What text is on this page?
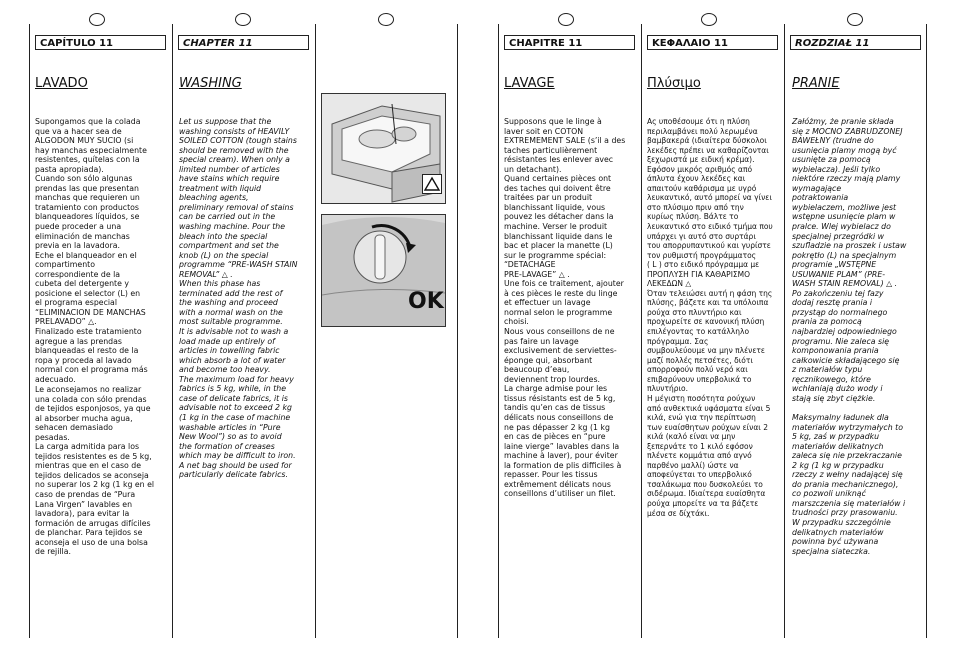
CAPÍTULO 11
LAVADO

Supongamos que la colada
que va a hacer sea de
ALGODON MUY SUCIO (si
hay manchas especialmente
resistentes, quítelas con la
pasta apropiada).
Cuando son sólo algunas
prendas las que presentan
manchas que requieren un
tratamiento con productos
blanqueadores líquidos, se
puede proceder a una
eliminación de manchas
previa en la lavadora.
Eche el blanqueador en el
compartimento
correspondiente de la
cubeta del detergente y
posicione el selector (L) en
el programa especial
“ELIMINACION DE MANCHAS
PRELAVADO” △.
Finalizado este tratamiento
agregue a las prendas
blanqueadas el resto de la
ropa y proceda al lavado
normal con el programa más
adecuado.

Le aconsejamos no realizar
una colada con sólo prendas
de tejidos esponjosos, ya que
al absorber mucha agua,
sehacen demasiado
pesadas.
La carga admitida para los
tejidos resistentes es de 5 kg,
mientras que en el caso de
tejidos delicados se aconseja
no superar los 2 kg (1 kg en el
caso de prendas de “Pura
Lana Virgen” lavables en
lavadora), para evitar la
formación de arrugas difíciles
de planchar. Para tejidos se
aconseja el uso de una bolsa
de rejilla.

CHAPTER 11
WASHING

Let us suppose that the
washing consists of HEAVILY
SOILED COTTON (tough stains
should be removed with the
special cream). When only a
limited number of articles
have stains which require
treatment with liquid
bleaching agents,
preliminary removal of stains
can be carried out in the
washing machine. Pour the
bleach into the special
compartment and set the
knob (L) on the special
programme “PRE-WASH STAIN
REMOVAL” △ .
When this phase has
terminated add the rest of
the washing and proceed
with a normal wash on the
most suitable programme.
It is advisable not to wash a
load made up entirely of
articles in towelling fabric
which absorb a lot of water
and become too heavy.
The maximum load for heavy
fabrics is 5 kg, while, in the
case of delicate fabrics, it is
advisable not to exceed 2 kg
(1 kg in the case of machine
washable articles in “Pure
New Wool”) so as to avoid
the formation of creases
which may be difficult to iron.
A net bag should be used for
particularly delicate fabrics.

OK
CHAPITRE 11
LAVAGE

Supposons que le linge à
laver soit en COTON
EXTREMEMENT SALE (s’il a des
taches particulièrement
résistantes les enlever avec
un detachant).
Quand certaines pièces ont
des taches qui doivent être
traitées par un produit
blanchissant liquide, vous
pouvez les détacher dans la
machine. Verser le produit
blanchissant liquide dans le
bac et placer la manette (L)
sur le programme spécial:
“DETACHAGE
PRE-LAVAGE” △ .
Une fois ce traitement, ajouter
à ces pièces le reste du linge
et effectuer un lavage
normal selon le programme
choisi.
Nous vous conseillons de ne
pas faire un lavage
exclusivement de serviettes-
éponge qui, absorbant
beaucoup d’eau,
deviennent trop lourdes.
La charge admise pour les
tissus résistants est de 5 kg,
tandis qu’en cas de tissus
délicats nous conseillons de
ne pas dépasser 2 kg (1 kg
en cas de pièces en “pure
laine vierge” lavables dans la
machine à laver), pour éviter
la formation de plis difficiles à
repasser. Pour les tissus
extrêmement délicats nous
conseillons d’utiliser un filet.

ΚΕΦΑΛΑΙΟ 11
Πλύσιμο

Ας υποθέσουμε ότι η πλύση
περιλαμβάνει πολύ λερωμένα
βαμβακερά (ιδιαίτερα δύσκολοι
λεκέδες πρέπει να καθαρίζονται
ξεχωριστά με ειδική κρέμα).
Εφόσον μικρός αριθμός από
άπλυτα έχουν λεκέδες και
απαιτούν καθάρισμα με υγρό
λευκαντικό, αυτό μπορεί να γίνει
στο πλύσιμο πριν από την
κυρίως πλύση. Βάλτε το
λευκαντικό στο ειδικό τμήμα που
υπάρχει γι αυτό στο συρτάρι
του απορρυπαντικού και γυρίστε
τον ρυθμιστή προγράμματος
( L ) στο ειδικό πρόγραμμα με
ΠΡΟΠΛΥΣΗ ΓΙΑ ΚΑΘΑΡΙΣΜΟ
ΛΕΚΕΔΩΝ △
Όταν τελειώσει αυτή η φάση της
πλύσης, βάζετε και τα υπόλοιπα
ρούχα στο πλυντήριο και
προχωρείτε σε κανονική πλύση
επιλέγοντας το κατάλληλο
πρόγραμμα. Σας
συμβουλεύουμε να μην πλένετε
μαζί πολλές πετσέτες, διότι
απορροφούν πολύ νερό και
επιβαρύνουν υπερβολικά το
πλυντήριο.

Η μέγιστη ποσότητα ρούχων
από ανθεκτικά υφάσματα είναι 5
κιλά, ενώ για την περίπτωση
των ευαίσθητων ρούχων είναι 2
κιλά (καλό είναι να μην
ξεπερνάτε το 1 κιλό εφόσον
πλένετε κομμάτια από αγνό
παρθένο μαλλί) ώστε να
αποφεύγεται το υπερβολικό
τσαλάκωμα που δυσκολεύει το
σιδέρωμα. Ιδιαίτερα ευαίσθητα
ρούχα μπορείτε να τα βάζετε
μέσα σε δίχτάκι.

ROZDZIAŁ 11
PRANIE

Załóżmy, że pranie składa
się z MOCNO ZABRUDZONEJ
BAWEŁNY (trudne do
usunięcia plamy mogą być
usunięte za pomocą
wybielacza). Jeśli tylko
niektóre rzeczy mają plamy
wymagające
potraktowania
wybielaczem, możliwe jest
wstępne usunięcie plam w
pralce. Wlej wybielacz do
specjalnej przegródki w
szufladzie na proszek i ustaw
pokrętło (L) na specjalnym
programie „WSTĘPNE
USUWANIE PLAM” (PRE-
WASH STAIN REMOVAL) △ .
Po zakończeniu tej fazy
dodaj resztę prania i
przystąp do normalnego
prania za pomocą
najbardziej odpowiedniego
programu. Nie zaleca się
komponowania prania
całkowicie składającego się
z materiałów typu
ręcznikowego, które
wchłaniają dużo wody i
stają się zbyt ciężkie.

Maksymalny ładunek dla
materiałów wytrzymałych to
5 kg, zaś w przypadku
materiałów delikatnych
zaleca się nie przekraczanie
2 kg (1 kg w przypadku
rzeczy z wełny nadającej się
do prania mechanicznego),
co pozwoli uniknąć
marszczenia się materiałów i
trudności przy prasowaniu.
W przypadku szczególnie
delikatnych materiałów
powinna być używana
specjalna siateczka.
